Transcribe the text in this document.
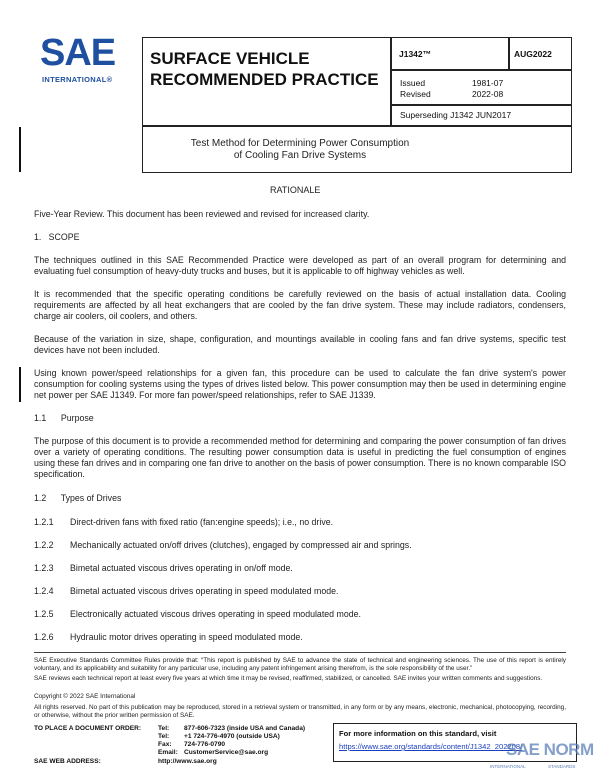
SAE
INTERNATIONAL®
SURFACE VEHICLE
RECOMMENDED PRACTICE
J1342™	AUG2022
Issued	1981-07
Revised	2022-08
Superseding J1342 JUN2017
Test Method for Determining Power Consumption
of Cooling Fan Drive Systems
RATIONALE
Five-Year Review. This document has been reviewed and revised for increased clarity.
1.   SCOPE
The techniques outlined in this SAE Recommended Practice were developed as part of an overall program for determining and evaluating fuel consumption of heavy-duty trucks and buses, but it is applicable to off highway vehicles as well.
It is recommended that the specific operating conditions be carefully reviewed on the basis of actual installation data. Cooling requirements are affected by all heat exchangers that are cooled by the fan drive system. These may include radiators, condensers, charge air coolers, oil coolers, and others.
Because of the variation in size, shape, configuration, and mountings available in cooling fans and fan drive systems, specific test devices have not been included.
Using known power/speed relationships for a given fan, this procedure can be used to calculate the fan drive system's power consumption for cooling systems using the types of drives listed below. This power consumption may then be used in determining engine net power per SAE J1349. For more fan power/speed relationships, refer to SAE J1339.
1.1      Purpose
The purpose of this document is to provide a recommended method for determining and comparing the power consumption of fan drives over a variety of operating conditions. The resulting power consumption data is useful in predicting the fuel consumption of engines using these fan drives and in comparing one fan drive to another on the basis of power consumption. There is no known comparable ISO specification.
1.2      Types of Drives
1.2.1 Direct-driven fans with fixed ratio (fan:engine speeds); i.e., no drive.
1.2.2 Mechanically actuated on/off drives (clutches), engaged by compressed air and springs.
1.2.3 Bimetal actuated viscous drives operating in on/off mode.
1.2.4 Bimetal actuated viscous drives operating in speed modulated mode.
1.2.5 Electronically actuated viscous drives operating in speed modulated mode.
1.2.6 Hydraulic motor drives operating in speed modulated mode.
SAE Executive Standards Committee Rules provide that: “This report is published by SAE to advance the state of technical and engineering sciences. The use of this report is entirely voluntary, and its applicability and suitability for any particular use, including any patent infringement arising therefrom, is the sole responsibility of the user.”
SAE reviews each technical report at least every five years at which time it may be revised, reaffirmed, stabilized, or cancelled. SAE invites your written comments and suggestions.
Copyright © 2022 SAE International
All rights reserved. No part of this publication may be reproduced, stored in a retrieval system or transmitted, in any form or by any means, electronic, mechanical, photocopying, recording, or otherwise, without the prior written permission of SAE.
TO PLACE A DOCUMENT ORDER:	Tel: 877-606-7323 (inside USA and Canada)
Tel: +1 724-776-4970 (outside USA)
Fax: 724-776-0790
Email: CustomerService@sae.org
SAE WEB ADDRESS:	http://www.sae.org
For more information on this standard, visit
https://www.sae.org/standards/content/J1342_202208/
SAE NORM
INTERNATIONAL	STANDARDS
